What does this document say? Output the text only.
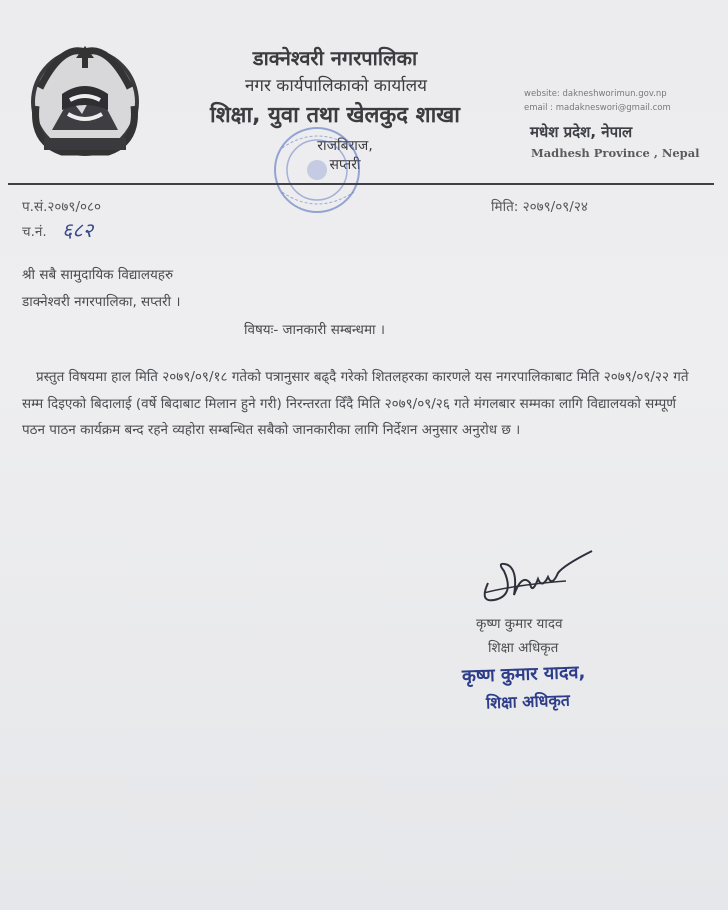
डाक्नेश्वरी नगरपालिका
नगर कार्यपालिकाको कार्यालय
शिक्षा, युवा तथा खेलकुद शाखा
राजबिराज, सप्तरी
website: dakneshworimun.gov.np
email : madakneswori@gmail.com
मधेश प्रदेश, नेपाल
Madhesh Province , Nepal
प.सं.२०७९/०८०
च.नं. ६८२
मिति: २०७९/०९/२४
श्री सबै सामुदायिक विद्यालयहरु
डाक्नेश्वरी नगरपालिका, सप्तरी ।
विषयः- जानकारी सम्बन्धमा ।

प्रस्तुत विषयमा हाल मिति २०७९/०९/१८ गतेको पत्रानुसार बढ्दै गरेको शितलहरका कारणले यस नगरपालिकाबाट मिति २०७९/०९/२२ गते सम्म दिइएको बिदालाई (वर्षे बिदाबाट मिलान हुने गरी) निरन्तरता दिँदै मिति २०७९/०९/२६ गते मंगलबार सम्मका लागि विद्यालयको सम्पूर्ण पठन पाठन कार्यक्रम बन्द रहने व्यहोरा सम्बन्धित सबैको जानकारीका लागि निर्देशन अनुसार अनुरोध छ ।

कृष्ण कुमार यादव
शिक्षा अधिकृत
कृष्ण कुमार यादव,
शिक्षा अधिकृत
